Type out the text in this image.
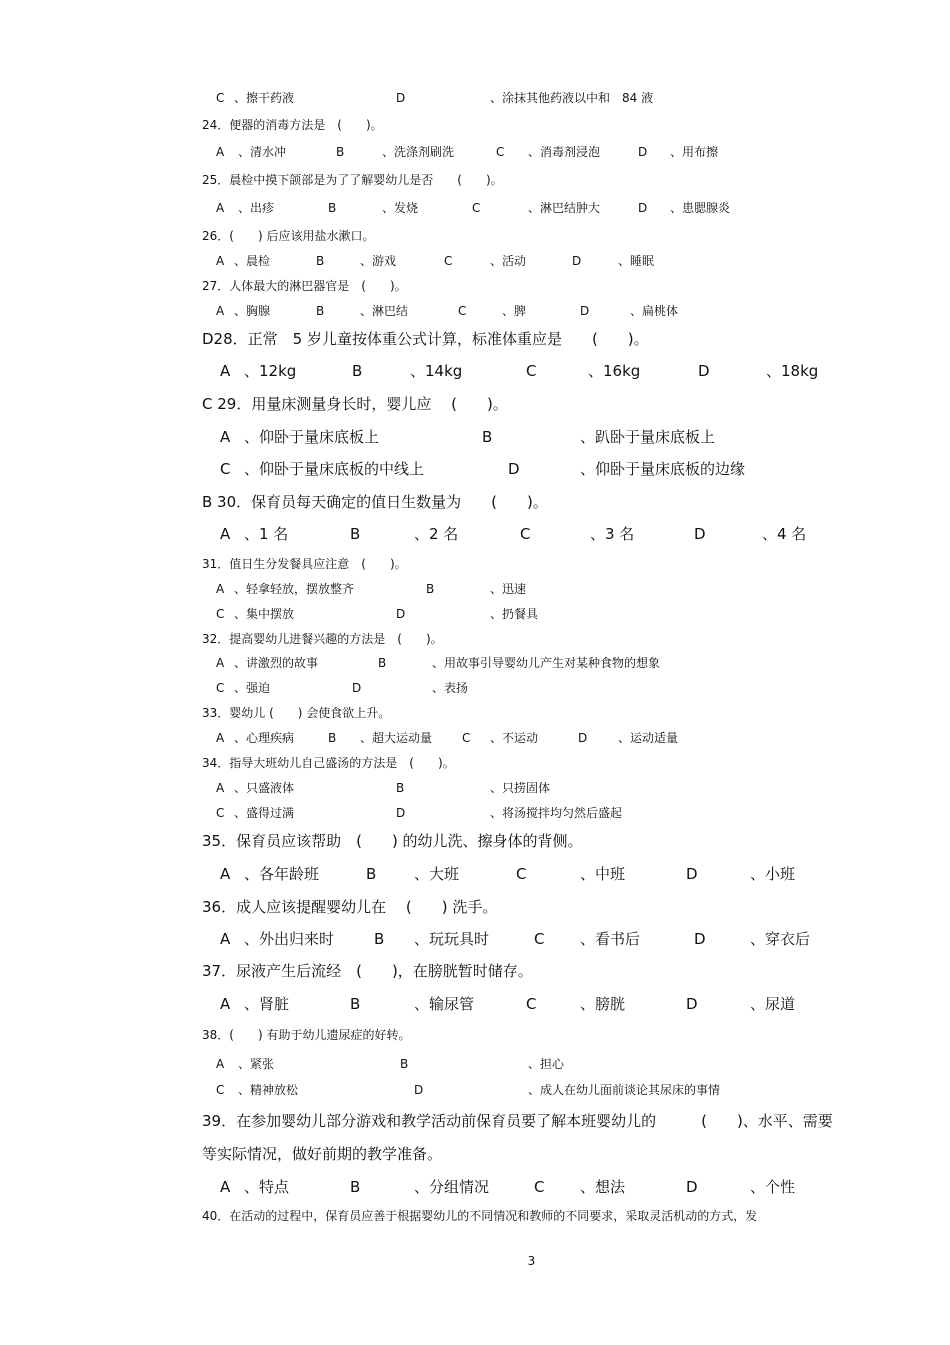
C 、擦干药液	D	、涂抹其他药液以中和 84 液
24．便器的消毒方法是　(　　)。
A 、清水冲	B	、洗涤剂刷洗	C 、消毒剂浸泡	D 、用布擦
25．晨检中摸下颌部是为了了解婴幼儿是否　　(　　)。
A 、出疹	B	、发烧	C	、淋巴结肿大	D 、患腮腺炎
26．(　　) 后应该用盐水漱口。
A 、晨检	B	、游戏	C	、活动	D	、睡眠
27．人体最大的淋巴器官是　(　　)。
A 、胸腺	B	、淋巴结	C	、脾	D	、扁桃体
D28．正常　5 岁儿童按体重公式计算，标准体重应是　　(　　)。
A 、12kg	B	、14kg	C	、16kg	D	、18kg
C 29．用量床测量身长时，婴儿应　 (　　)。
A 、仰卧于量床底板上	B	、趴卧于量床底板上
C 、仰卧于量床底板的中线上	D	、仰卧于量床底板的边缘
B 30．保育员每天确定的值日生数量为　　(　　)。
A 、1 名	B	、2 名	C	、3 名	D	、4 名
31．值日生分发餐具应注意　(　　)。
A 、轻拿轻放，摆放整齐	B	、迅速
C 、集中摆放	D	、扔餐具
32．提高婴幼儿进餐兴趣的方法是　(　　)。
A 、讲激烈的故事	B	、用故事引导婴幼儿产生对某种食物的想象
C 、强迫	D	、表扬
33．婴幼儿 (　　) 会使食欲上升。
A 、心理疾病	B 、超大运动量 C 、不运动	D	、运动适量
34．指导大班幼儿自己盛汤的方法是　(　　)。
A 、只盛液体	B	、只捞固体
C 、盛得过满	D	、将汤搅拌均匀然后盛起
35．保育员应该帮助　(　　) 的幼儿洗、擦身体的背侧。
A 、各年龄班	B	、大班	C	、中班	D	、小班
36．成人应该提醒婴幼儿在　 (　　) 洗手。
A 、外出归来时	B 、玩玩具时	C 、看书后	D	、穿衣后
37．尿液产生后流经　(　　)，在膀胱暂时储存。
A 、肾脏	B	、输尿管	C	、膀胱	D	、尿道
38．(　　) 有助于幼儿遗尿症的好转。
A 、紧张	B	、担心
C 、精神放松	D	、成人在幼儿面前谈论其尿床的事情
39．在参加婴幼儿部分游戏和教学活动前保育员要了解本班婴幼儿的　　　(　　)、水平、需要
等实际情况，做好前期的教学准备。
A 、特点	B	、分组情况	C 、想法	D	、个性
40．在活动的过程中，保育员应善于根据婴幼儿的不同情况和教师的不同要求，采取灵活机动的方式，发
3
